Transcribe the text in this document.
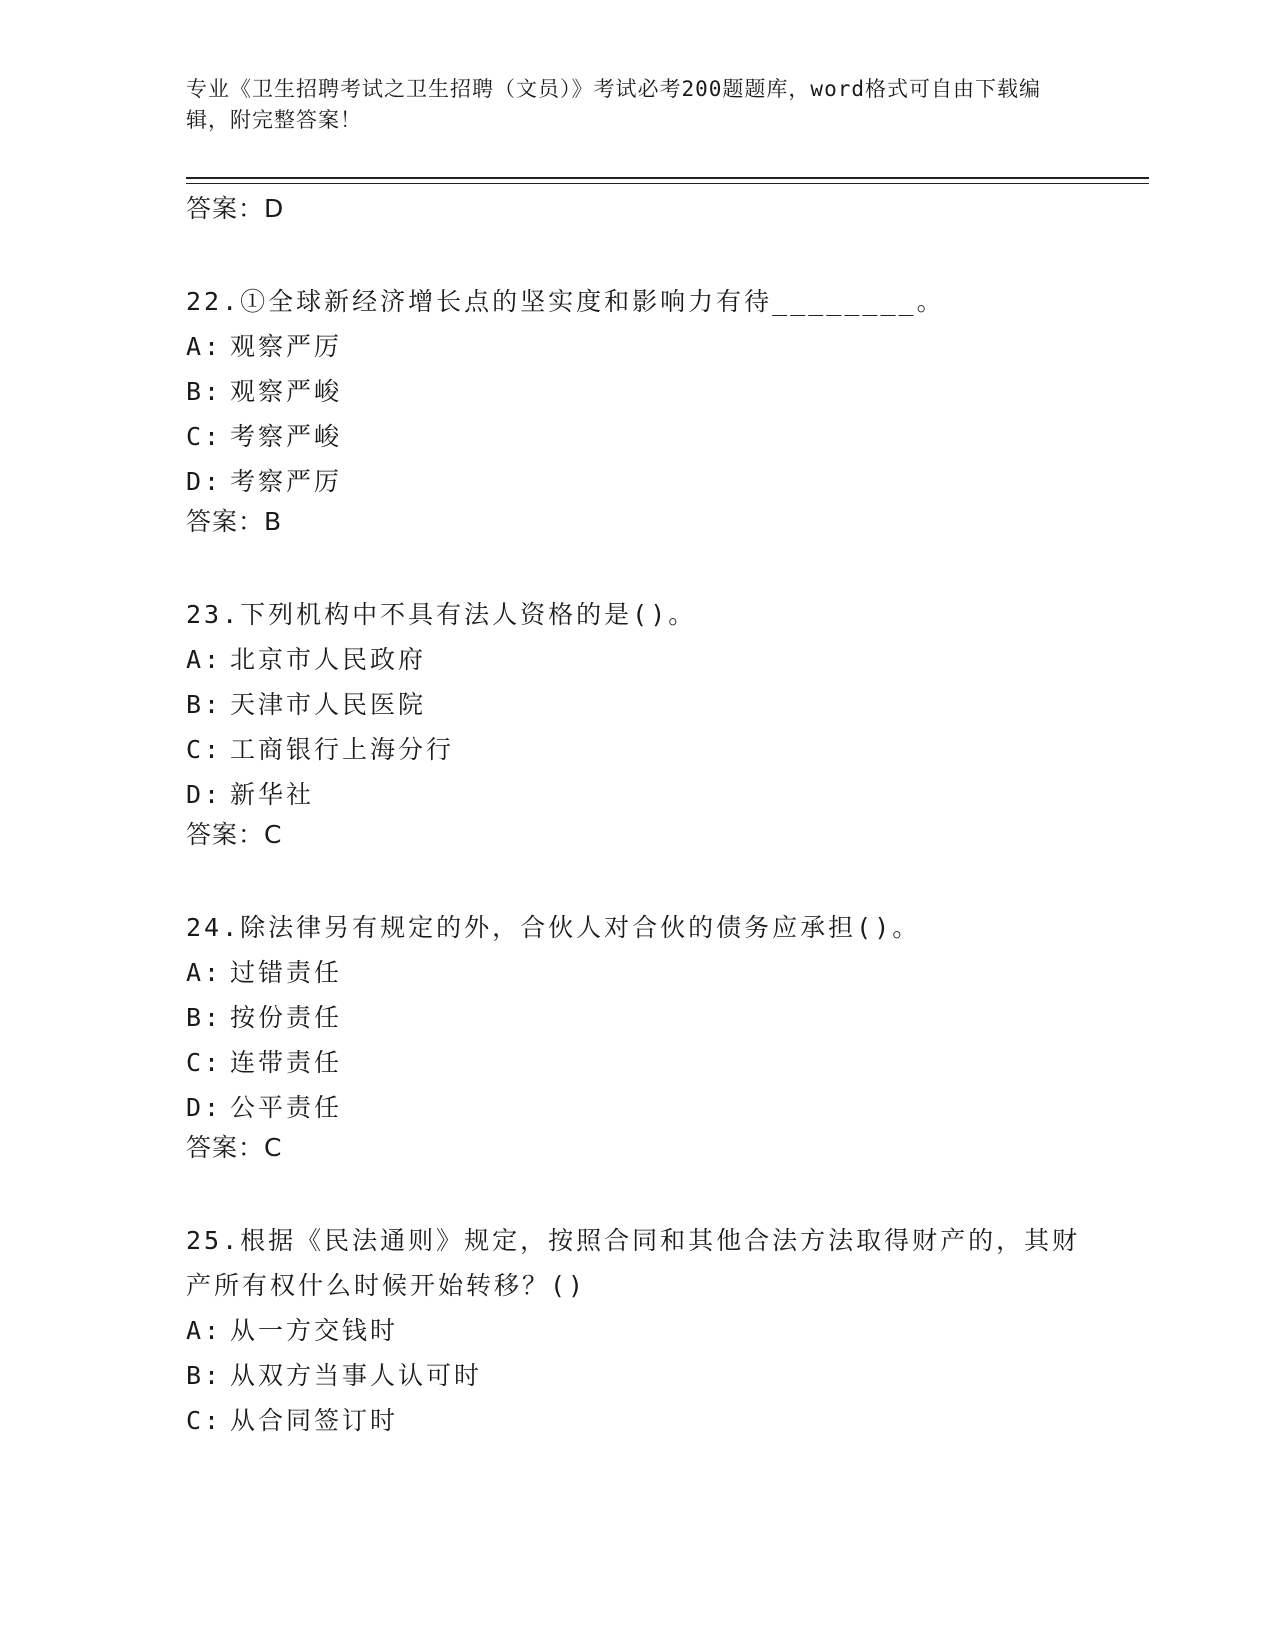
专业《卫生招聘考试之卫生招聘（文员）》考试必考200题题库，word格式可自由下载编辑，附完整答案！
答案：D
22.①全球新经济增长点的坚实度和影响力有待________。
A: 观察严厉
B: 观察严峻
C: 考察严峻
D: 考察严厉
答案：B
23.下列机构中不具有法人资格的是()。
A: 北京市人民政府
B: 天津市人民医院
C: 工商银行上海分行
D: 新华社
答案：C
24.除法律另有规定的外，合伙人对合伙的债务应承担()。
A: 过错责任
B: 按份责任
C: 连带责任
D: 公平责任
答案：C
25.根据《民法通则》规定，按照合同和其他合法方法取得财产的，其财产所有权什么时候开始转移？()
A: 从一方交钱时
B: 从双方当事人认可时
C: 从合同签订时
